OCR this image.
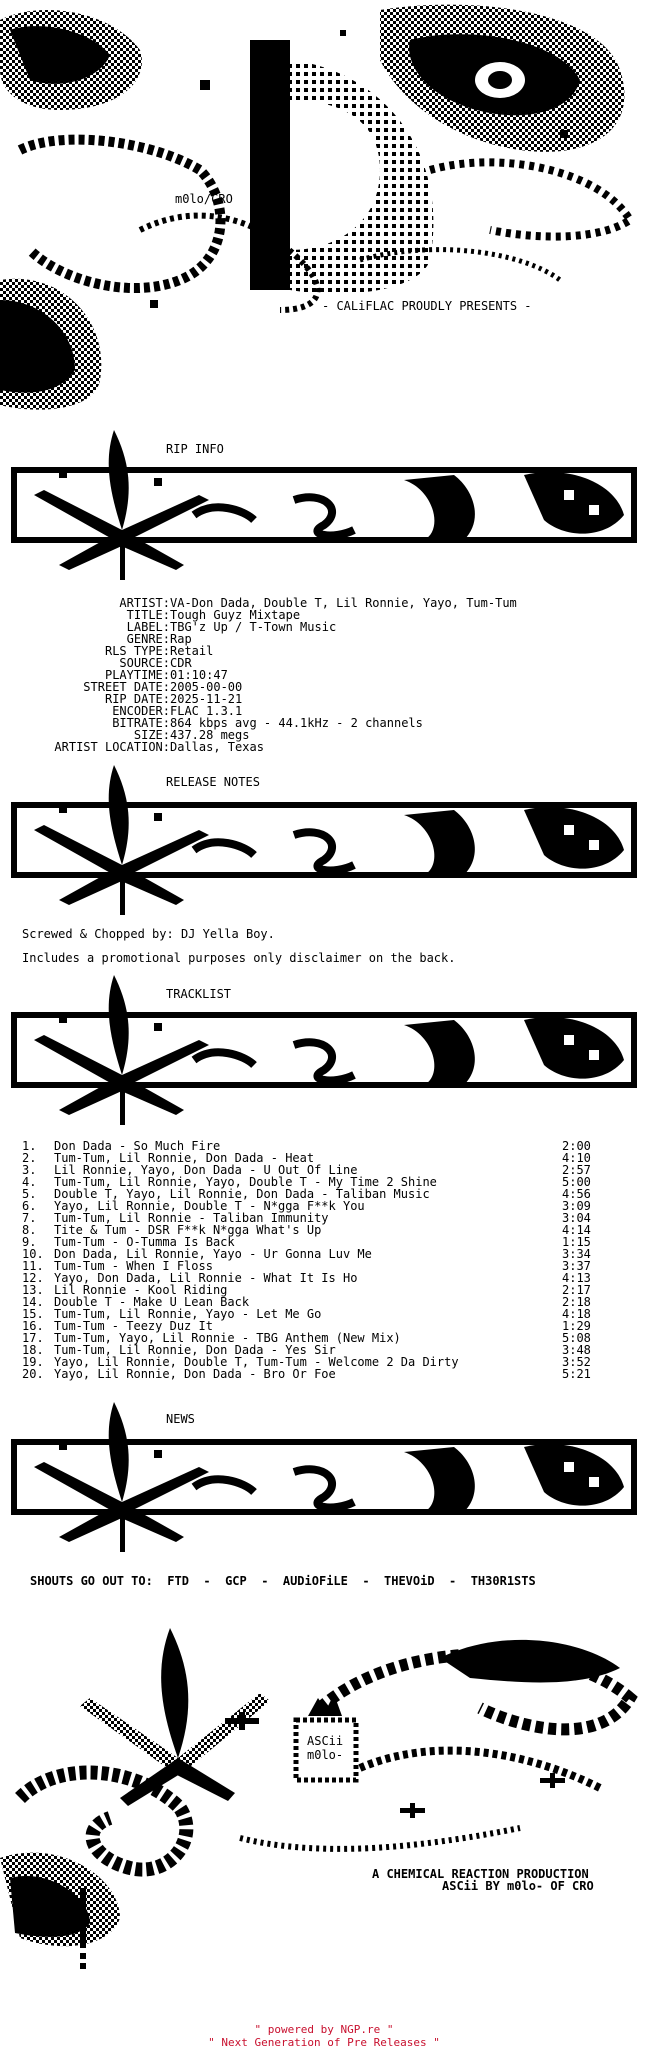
m0lo/CRO
- CALiFLAC PROUDLY PRESENTS -
RIP INFO
ARTIST: VA-Don Dada, Double T, Lil Ronnie, Yayo, Tum-Tum
TITLE: Tough Guyz Mixtape
LABEL: TBG'z Up / T-Town Music
GENRE: Rap
RLS TYPE: Retail
SOURCE: CDR
PLAYTIME: 01:10:47
STREET DATE: 2005-00-00
RIP DATE: 2025-11-21
ENCODER: FLAC 1.3.1
BITRATE: 864 kbps avg - 44.1kHz - 2 channels
SIZE: 437.28 megs
ARTIST LOCATION: Dallas, Texas
RELEASE NOTES
Screwed & Chopped by: DJ Yella Boy.
Includes a promotional purposes only disclaimer on the back.
TRACKLIST
1. Don Dada - So Much Fire	2:00
2. Tum-Tum, Lil Ronnie, Don Dada - Heat	4:10
3. Lil Ronnie, Yayo, Don Dada - U Out Of Line	2:57
4. Tum-Tum, Lil Ronnie, Yayo, Double T - My Time 2 Shine	5:00
5. Double T, Yayo, Lil Ronnie, Don Dada - Taliban Music	4:56
6. Yayo, Lil Ronnie, Double T - N*gga F**k You	3:09
7. Tum-Tum, Lil Ronnie - Taliban Immunity	3:04
8. Tite & Tum - DSR F**k N*gga What's Up	4:14
9. Tum-Tum - O-Tumma Is Back	1:15
10. Don Dada, Lil Ronnie, Yayo - Ur Gonna Luv Me	3:34
11. Tum-Tum - When I Floss	3:37
12. Yayo, Don Dada, Lil Ronnie - What It Is Ho	4:13
13. Lil Ronnie - Kool Riding	2:17
14. Double T - Make U Lean Back	2:18
15. Tum-Tum, Lil Ronnie, Yayo - Let Me Go	4:18
16. Tum-Tum - Teezy Duz It	1:29
17. Tum-Tum, Yayo, Lil Ronnie - TBG Anthem (New Mix)	5:08
18. Tum-Tum, Lil Ronnie, Don Dada - Yes Sir	3:48
19. Yayo, Lil Ronnie, Double T, Tum-Tum - Welcome 2 Da Dirty	3:52
20. Yayo, Lil Ronnie, Don Dada - Bro Or Foe	5:21
NEWS
SHOUTS GO OUT TO:  FTD  -  GCP  -  AUDiOFiLE  -  THEVOiD  -  TH30R1STS
ASCii
m0lo-
A CHEMICAL REACTION PRODUCTION
ASCii BY m0lo- OF CRO
" powered by NGP.re "
" Next Generation of Pre Releases "
